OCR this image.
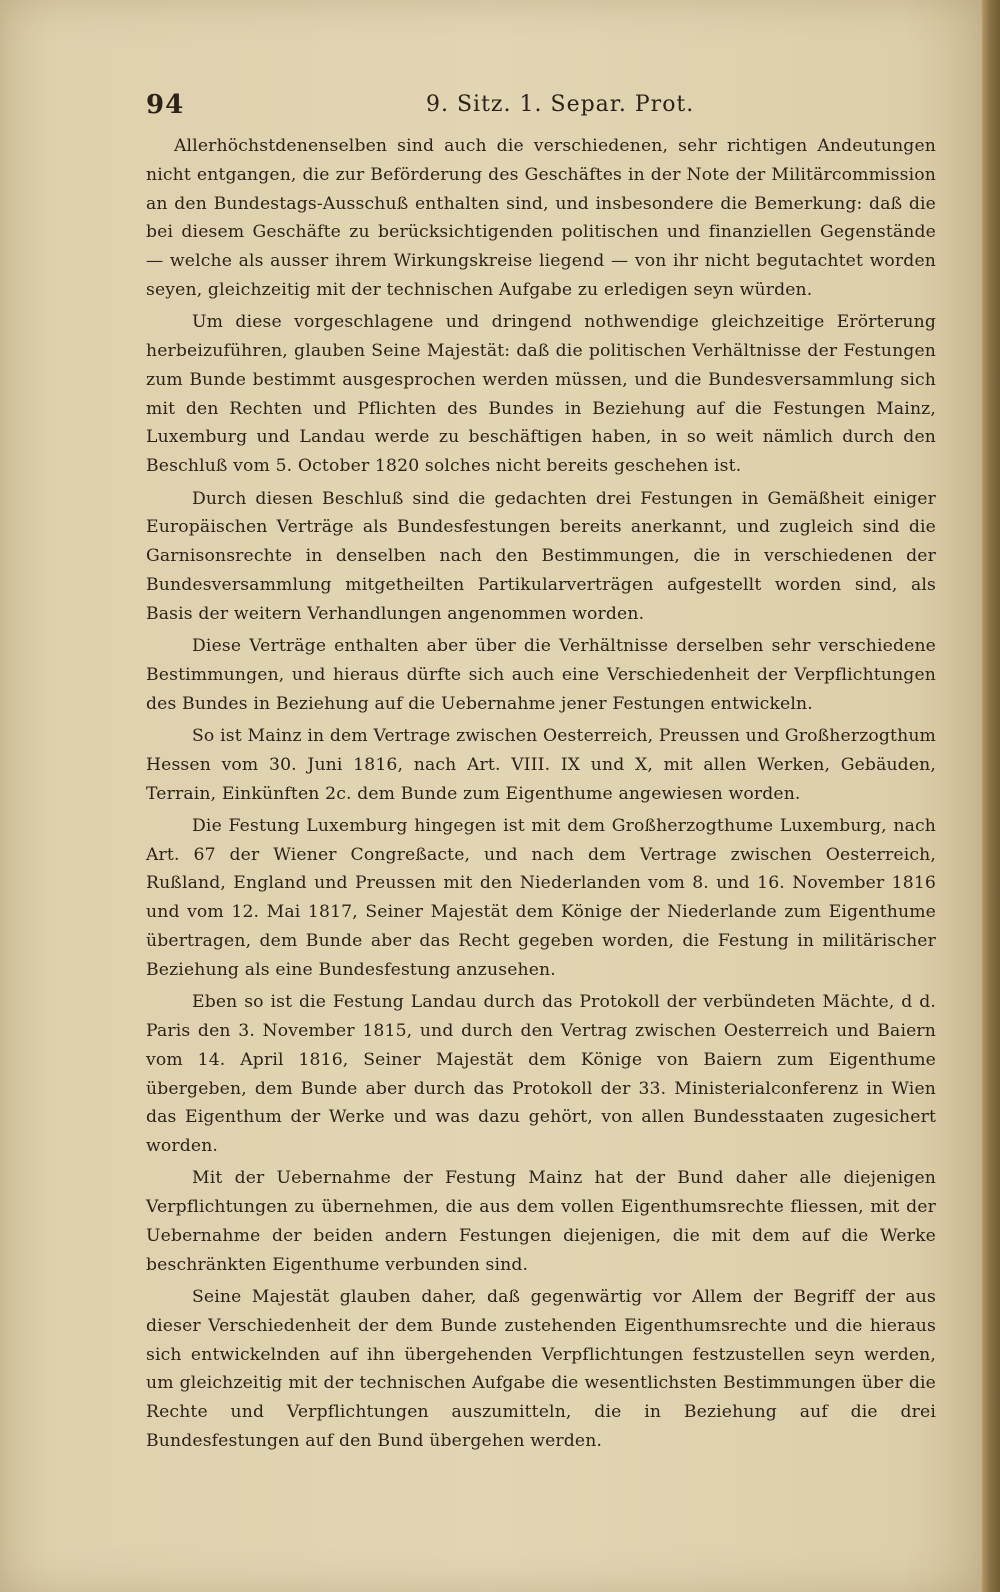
94	9. Sitz. 1. Separ. Prot.

Allerhöchstdenenselben sind auch die verschiedenen, sehr richtigen Andeutungen nicht entgangen, die zur Beförderung des Geschäftes in der Note der Militärcommission an den Bundestags-Ausschuß enthalten sind, und insbesondere die Bemerkung: daß die bei diesem Geschäfte zu berücksichtigenden politischen und finanziellen Gegenstände — welche als ausser ihrem Wirkungskreise liegend — von ihr nicht begutachtet worden seyen, gleichzeitig mit der technischen Aufgabe zu erledigen seyn würden.

Um diese vorgeschlagene und dringend nothwendige gleichzeitige Erörterung herbeizuführen, glauben Seine Majestät: daß die politischen Verhältnisse der Festungen zum Bunde bestimmt ausgesprochen werden müssen, und die Bundesversammlung sich mit den Rechten und Pflichten des Bundes in Beziehung auf die Festungen Mainz, Luxemburg und Landau werde zu beschäftigen haben, in so weit nämlich durch den Beschluß vom 5. October 1820 solches nicht bereits geschehen ist.

Durch diesen Beschluß sind die gedachten drei Festungen in Gemäßheit einiger Europäischen Verträge als Bundesfestungen bereits anerkannt, und zugleich sind die Garnisonsrechte in denselben nach den Bestimmungen, die in verschiedenen der Bundesversammlung mitgetheilten Partikularverträgen aufgestellt worden sind, als Basis der weitern Verhandlungen angenommen worden.

Diese Verträge enthalten aber über die Verhältnisse derselben sehr verschiedene Bestimmungen, und hieraus dürfte sich auch eine Verschiedenheit der Verpflichtungen des Bundes in Beziehung auf die Uebernahme jener Festungen entwickeln.

So ist Mainz in dem Vertrage zwischen Oesterreich, Preussen und Großherzogthum Hessen vom 30. Juni 1816, nach Art. VIII. IX und X, mit allen Werken, Gebäuden, Terrain, Einkünften 2c. dem Bunde zum Eigenthume angewiesen worden.

Die Festung Luxemburg hingegen ist mit dem Großherzogthume Luxemburg, nach Art. 67 der Wiener Congreßacte, und nach dem Vertrage zwischen Oesterreich, Rußland, England und Preussen mit den Niederlanden vom 8. und 16. November 1816 und vom 12. Mai 1817, Seiner Majestät dem Könige der Niederlande zum Eigenthume übertragen, dem Bunde aber das Recht gegeben worden, die Festung in militärischer Beziehung als eine Bundesfestung anzusehen.

Eben so ist die Festung Landau durch das Protokoll der verbündeten Mächte, d d. Paris den 3. November 1815, und durch den Vertrag zwischen Oesterreich und Baiern vom 14. April 1816, Seiner Majestät dem Könige von Baiern zum Eigenthume übergeben, dem Bunde aber durch das Protokoll der 33. Ministerialconferenz in Wien das Eigenthum der Werke und was dazu gehört, von allen Bundesstaaten zugesichert worden.

Mit der Uebernahme der Festung Mainz hat der Bund daher alle diejenigen Verpflichtungen zu übernehmen, die aus dem vollen Eigenthumsrechte fliessen, mit der Uebernahme der beiden andern Festungen diejenigen, die mit dem auf die Werke beschränkten Eigenthume verbunden sind.

Seine Majestät glauben daher, daß gegenwärtig vor Allem der Begriff der aus dieser Verschiedenheit der dem Bunde zustehenden Eigenthumsrechte und die hieraus sich entwickelnden auf ihn übergehenden Verpflichtungen festzustellen seyn werden, um gleichzeitig mit der technischen Aufgabe die wesentlichsten Bestimmungen über die Rechte und Verpflichtungen auszumitteln, die in Beziehung auf die drei Bundesfestungen auf den Bund übergehen werden.
